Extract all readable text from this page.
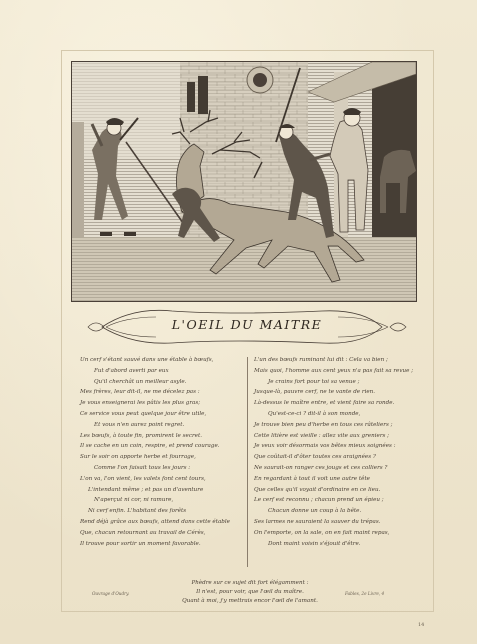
L'OEIL DU MAITRE
Un cerf s'étant sauvé dans une étable à bœufs,
Fut d'abord averti par eux
Qu'il cherchât un meilleur asyle.
Mes frères, leur dit-il, ne me décelez pas :
Je vous enseignerai les pâtis les plus gras;
Ce service vous peut quelque jour être utile,
Et vous n'en aurez point regret.
Les bœufs, à toute fin, promirent le secret.
Il se cache en un coin, respire, et prend courage.
Sur le soir on apporte herbe et fourrage,
Comme l'on faisait tous les jours :
L'on va, l'on vient, les valets font cent tours,
L'intendant même ; et pas un d'aventure
N'aperçut ni cor, ni ramure,
Ni cerf enfin. L'habitant des forêts
Rend déjà grâce aux bœufs, attend dans cette étable
Que, chacun retournant au travail de Cérès,
Il trouve pour sortir un moment favorable.
L'un des bœufs ruminant lui dit : Cela va bien ;
Mais quoi, l'homme aux cent yeux n'a pas fait sa revue ;
Je crains fort pour toi sa venue ;
Jusque-là, pauvre cerf, ne te vante de rien.
Là-dessus le maître entre, et vient faire sa ronde.
Qu'est-ce-ci ? dit-il à son monde,
Je trouve bien peu d'herbe en tous ces râteliers ;
Cette litière est vieille : allez vite aux greniers ;
Je veux voir désormais vos bêtes mieux soignées :
Que coûtait-il d'ôter toutes ces araignées ?
Ne saurait-on ranger ces jougs et ces colliers ?
En regardant à tout il voit une autre tête
Que celles qu'il voyait d'ordinaire en ce lieu.
Le cerf est reconnu ; chacun prend un épieu ;
Chacun donne un coup à la bête.
Ses larmes ne sauraient la sauver du trépas.
On l'emporte, on la sale, on en fait maint repas,
Dont maint voisin s'éjouit d'être.
Phèdre sur ce sujet dit fort élégamment :
Il n'est, pour voir, que l'œil du maître.
Quant à moi, j'y mettrais encor l'œil de l'amant.
Ouvrage d'Oudry.	Fables, 2e Livre, 4
14
